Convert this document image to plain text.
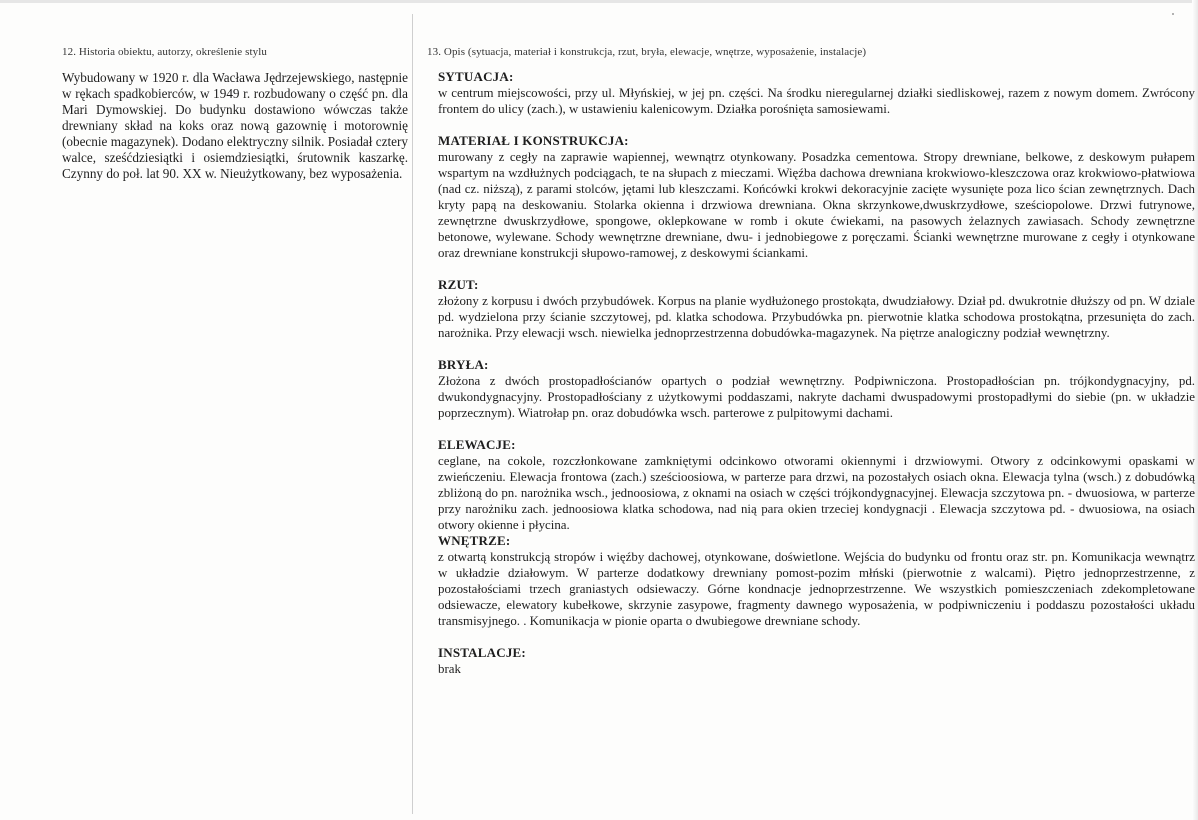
12. Historia obiektu, autorzy, określenie stylu

Wybudowany w 1920 r. dla Wacława Jędrzejewskiego, następnie w rękach spadkobierców, w 1949 r. rozbudowany o część pn. dla Mari Dymowskiej. Do budynku dostawiono wówczas także drewniany skład na koks oraz nową gazownię i motorownię (obecnie magazynek). Dodano elektryczny silnik. Posiadał cztery walce, sześćdziesiątki i osiemdziesiątki, śrutownik kaszarkę. Czynny do poł. lat 90. XX w. Nieużytkowany, bez wyposażenia.

13. Opis (sytuacja, materiał i konstrukcja, rzut, bryła, elewacje, wnętrze, wyposażenie, instalacje)
SYTUACJA:

w centrum miejscowości, przy ul. Młyńskiej, w jej pn. części. Na środku nieregularnej działki siedliskowej, razem z nowym domem. Zwrócony frontem do ulicy (zach.), w ustawieniu kalenicowym. Działka porośnięta samosiewami.

MATERIAŁ I KONSTRUKCJA:

murowany z cegły na zaprawie wapiennej, wewnątrz otynkowany. Posadzka cementowa. Stropy drewniane, belkowe, z deskowym pułapem wspartym na wzdłużnych podciągach, te na słupach z mieczami. Więźba dachowa drewniana krokwiowo-kleszczowa oraz krokwiowo-płatwiowa (nad cz. niższą), z parami stolców, jętami lub kleszczami. Końcówki krokwi dekoracyjnie zacięte wysunięte poza lico ścian zewnętrznych. Dach kryty papą na deskowaniu. Stolarka okienna i drzwiowa drewniana. Okna skrzynkowe,dwuskrzydłowe, sześciopolowe. Drzwi futrynowe, zewnętrzne dwuskrzydłowe, spongowe, oklepkowane w romb i okute ćwiekami, na pasowych żelaznych zawiasach. Schody zewnętrzne betonowe, wylewane. Schody wewnętrzne drewniane, dwu- i jednobiegowe z poręczami. Ścianki wewnętrzne murowane z cegły i otynkowane oraz drewniane konstrukcji słupowo-ramowej, z deskowymi ściankami.

RZUT:

złożony z korpusu i dwóch przybudówek. Korpus na planie wydłużonego prostokąta, dwudziałowy. Dział pd. dwukrotnie dłuższy od pn. W dziale pd. wydzielona przy ścianie szczytowej, pd. klatka schodowa. Przybudówka pn. pierwotnie klatka schodowa prostokątna, przesunięta do zach. narożnika. Przy elewacji wsch. niewielka jednoprzestrzenna dobudówka-magazynek. Na piętrze analogiczny podział wewnętrzny.

BRYŁA:

Złożona z dwóch prostopadłościanów opartych o podział wewnętrzny. Podpiwniczona. Prostopadłościan pn. trójkondygnacyjny, pd. dwukondygnacyjny. Prostopadłościany z użytkowymi poddaszami, nakryte dachami dwuspadowymi prostopadłymi do siebie (pn. w układzie poprzecznym). Wiatrołap pn. oraz dobudówka wsch. parterowe z pulpitowymi dachami.

ELEWACJE:

ceglane, na cokole, rozczłonkowane zamkniętymi odcinkowo otworami okiennymi i drzwiowymi. Otwory z odcinkowymi opaskami w zwieńczeniu. Elewacja frontowa (zach.) sześcioosiowa, w parterze para drzwi, na pozostałych osiach okna. Elewacja tylna (wsch.) z dobudówką zbliżoną do pn. narożnika wsch., jednoosiowa, z oknami na osiach w części trójkondygnacyjnej. Elewacja szczytowa pn. - dwuosiowa, w parterze przy narożniku zach. jednoosiowa klatka schodowa, nad nią para okien trzeciej kondygnacji . Elewacja szczytowa pd. - dwuosiowa, na osiach otwory okienne i płycina.

WNĘTRZE:

z otwartą konstrukcją stropów i więźby dachowej, otynkowane, doświetlone. Wejścia do budynku od frontu oraz str. pn. Komunikacja wewnątrz w układzie działowym. W parterze dodatkowy drewniany pomost-pozim młński (pierwotnie z walcami). Piętro jednoprzestrzenne, z pozostałościami trzech graniastych odsiewaczy. Górne kondnacje jednoprzestrzenne. We wszystkich pomieszczeniach zdekompletowane odsiewacze, elewatory kubełkowe, skrzynie zasypowe, fragmenty dawnego wyposażenia, w podpiwniczeniu i poddaszu pozostałości układu transmisyjnego. . Komunikacja w pionie oparta o dwubiegowe drewniane schody.

INSTALACJE:

brak
